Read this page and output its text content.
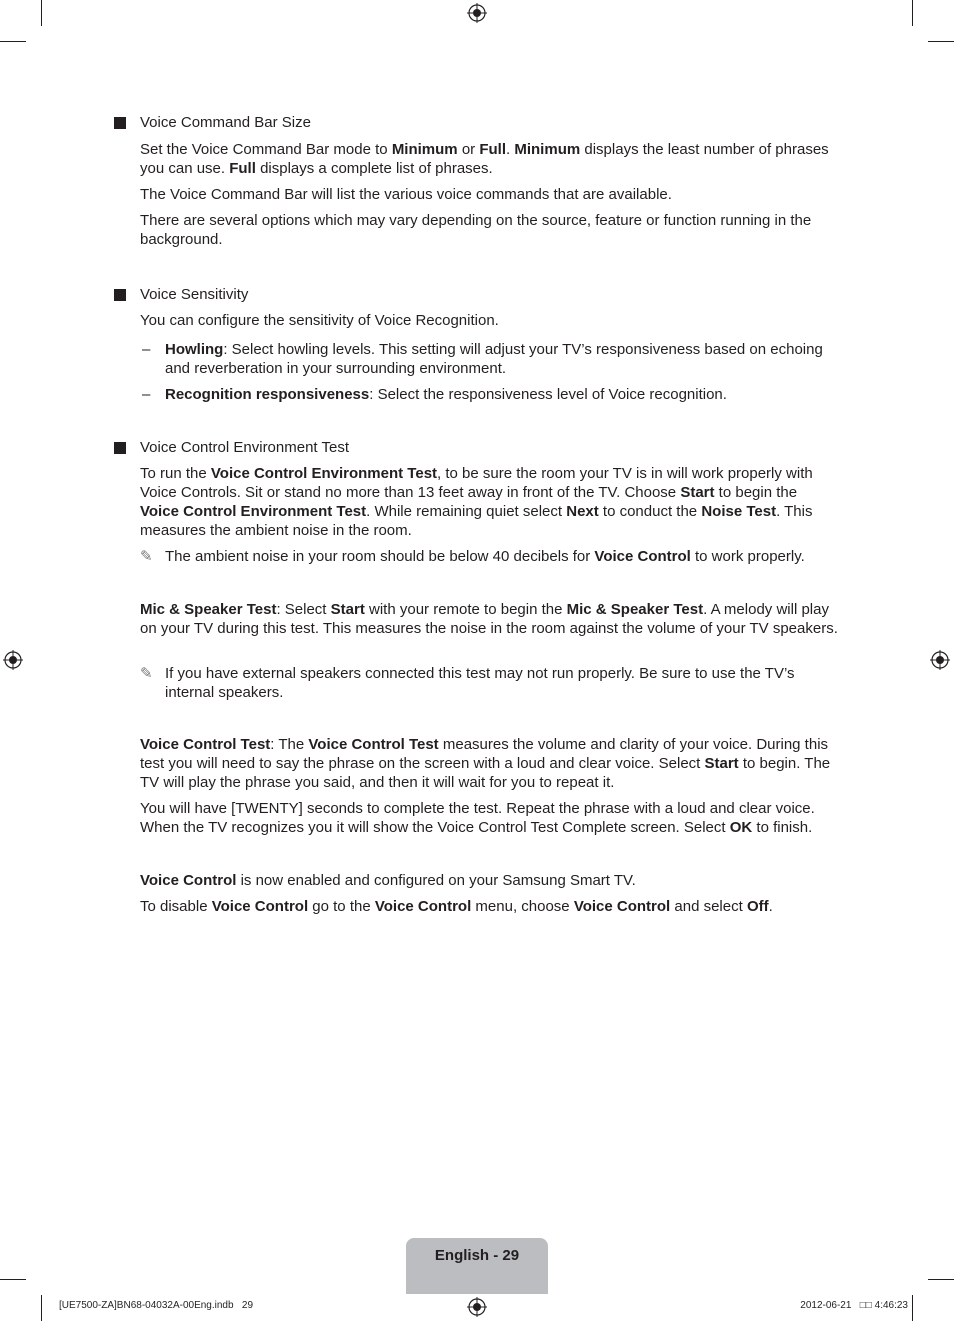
Voice Command Bar Size
Set the Voice Command Bar mode to Minimum or Full. Minimum displays the least number of phrases you can use. Full displays a complete list of phrases.
The Voice Command Bar will list the various voice commands that are available.
There are several options which may vary depending on the source, feature or function running in the background.
Voice Sensitivity
You can configure the sensitivity of Voice Recognition.
– Howling: Select howling levels. This setting will adjust your TV’s responsiveness based on echoing and reverberation in your surrounding environment.
– Recognition responsiveness: Select the responsiveness level of Voice recognition.
Voice Control Environment Test
To run the Voice Control Environment Test, to be sure the room your TV is in will work properly with Voice Controls. Sit or stand no more than 13 feet away in front of the TV. Choose Start to begin the Voice Control Environment Test. While remaining quiet select Next to conduct the Noise Test. This measures the ambient noise in the room.
✎ The ambient noise in your room should be below 40 decibels for Voice Control to work properly.
Mic & Speaker Test: Select Start with your remote to begin the Mic & Speaker Test. A melody will play on your TV during this test. This measures the noise in the room against the volume of your TV speakers.
✎ If you have external speakers connected this test may not run properly. Be sure to use the TV’s internal speakers.
Voice Control Test: The Voice Control Test measures the volume and clarity of your voice. During this test you will need to say the phrase on the screen with a loud and clear voice. Select Start to begin. The TV will play the phrase you said, and then it will wait for you to repeat it.
You will have [TWENTY] seconds to complete the test. Repeat the phrase with a loud and clear voice. When the TV recognizes you it will show the Voice Control Test Complete screen. Select OK to finish.
Voice Control is now enabled and configured on your Samsung Smart TV.
To disable Voice Control go to the Voice Control menu, choose Voice Control and select Off.
English - 29
[UE7500-ZA]BN68-04032A-00Eng.indb   29	2012-06-21   □□ 4:46:23
